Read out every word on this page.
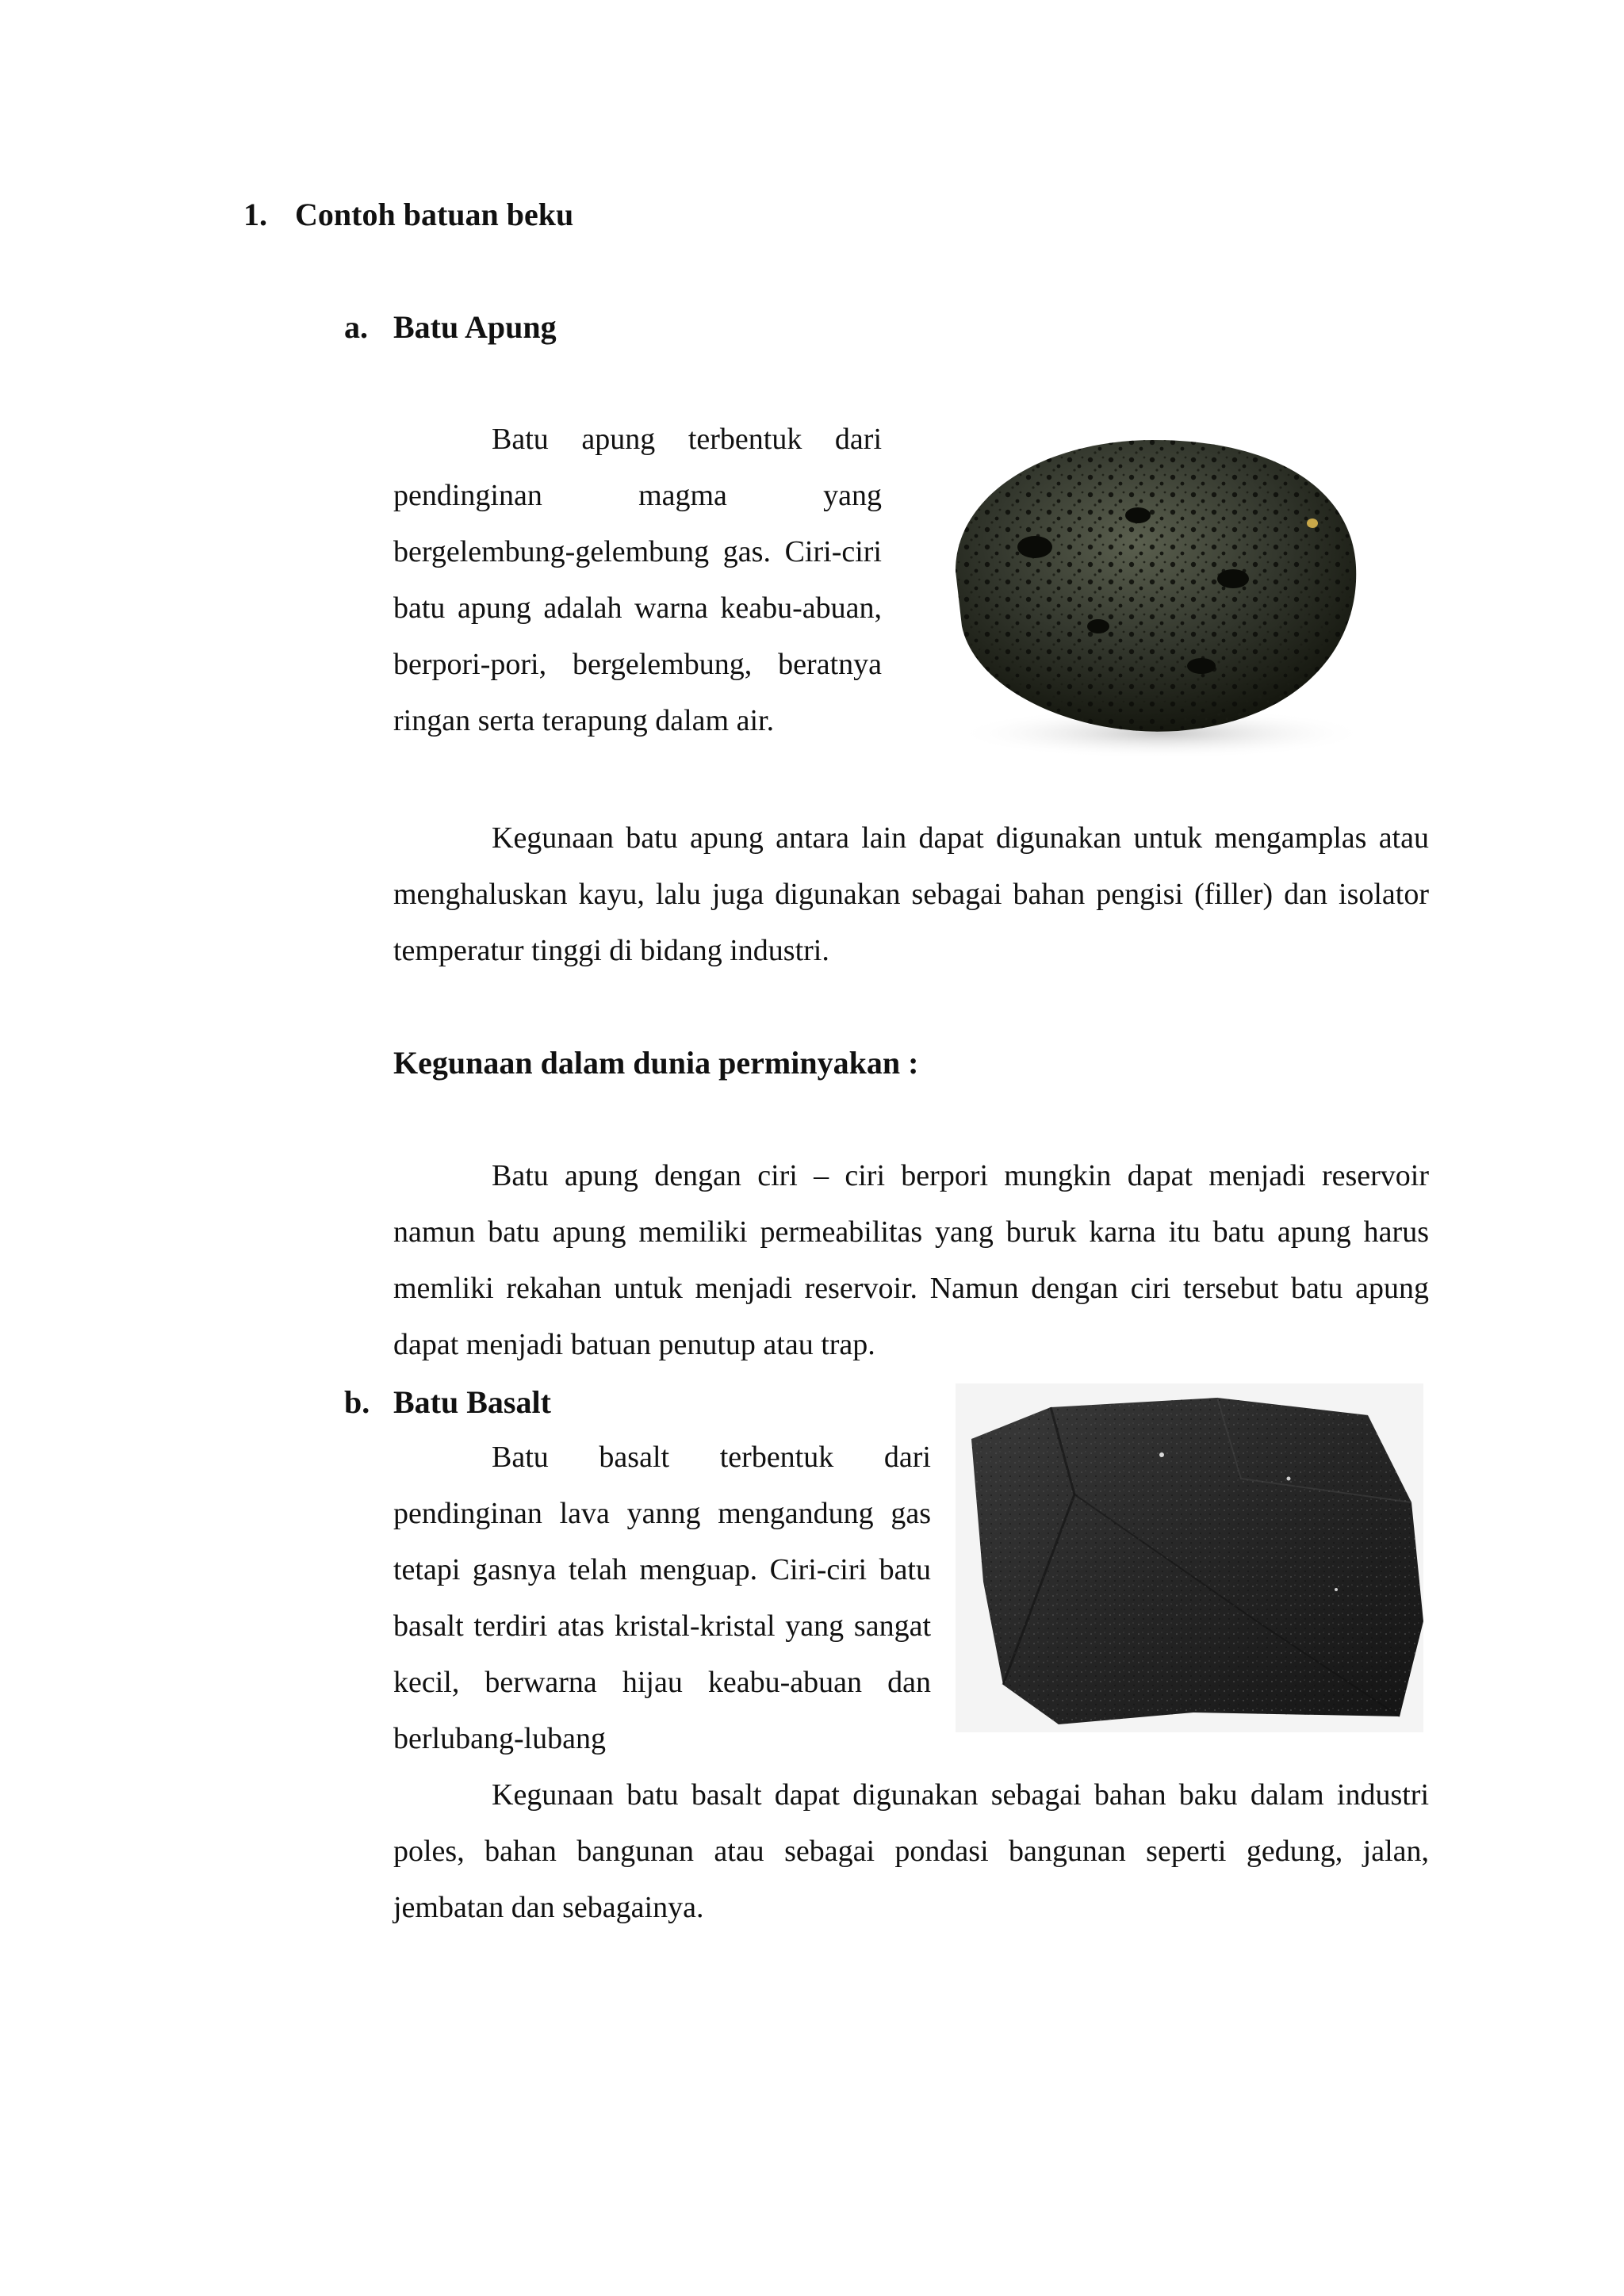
1. Contoh batuan beku
a. Batu Apung

Batu apung terbentuk dari pendinginan magma yang bergelembung-gelembung gas. Ciri-ciri batu apung adalah warna keabu-abuan, berpori-pori, bergelembung, beratnya ringan serta terapung dalam air.

Kegunaan batu apung antara lain dapat digunakan untuk mengamplas atau menghaluskan kayu, lalu juga digunakan sebagai bahan pengisi (filler) dan isolator temperatur tinggi di bidang industri.

Kegunaan dalam dunia perminyakan :

Batu apung dengan ciri – ciri berpori mungkin dapat menjadi reservoir namun batu apung memiliki permeabilitas yang buruk karna itu batu apung harus memliki rekahan untuk menjadi reservoir. Namun dengan ciri tersebut batu apung dapat menjadi batuan penutup atau trap.

b. Batu Basalt

Batu basalt terbentuk dari pendinginan lava yanng mengandung gas tetapi gasnya telah menguap. Ciri-ciri batu basalt terdiri atas kristal-kristal yang sangat kecil, berwarna hijau keabu-abuan dan berlubang-lubang

Kegunaan batu basalt dapat digunakan sebagai bahan baku dalam industri poles, bahan bangunan atau sebagai pondasi bangunan seperti gedung, jalan, jembatan dan sebagainya.
